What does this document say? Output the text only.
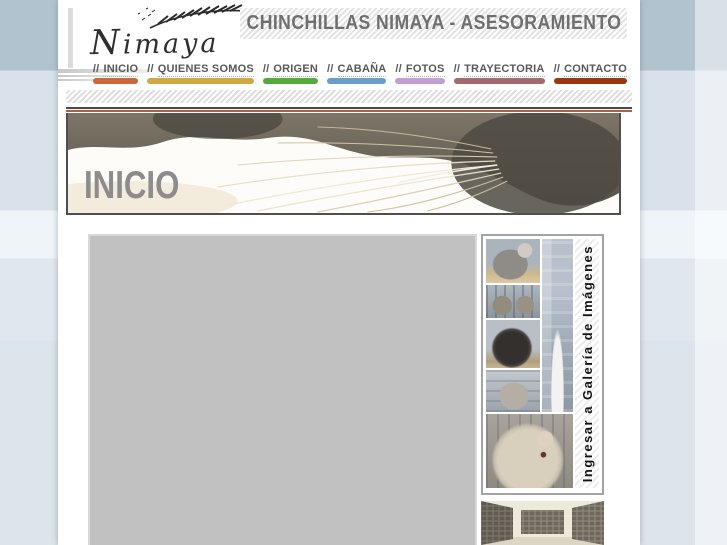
Nimaya
CHINCHILLAS NIMAYA - ASESORAMIENTO
// INICIO // QUIENES SOMOS // ORIGEN // CABAÑA // FOTOS // TRAYECTORIA // CONTACTO
INICIO
Ingresar a Galería de Imágenes
